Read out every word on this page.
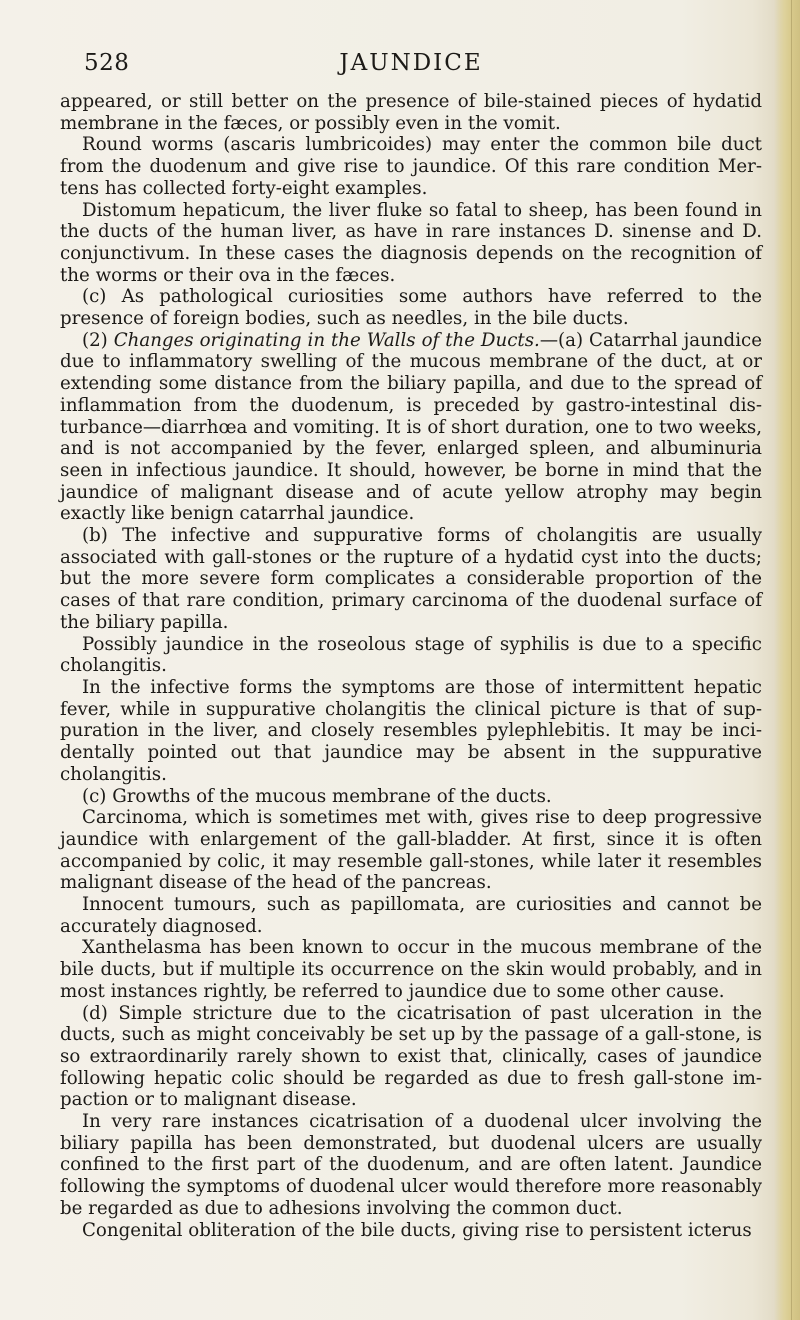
528	JAUNDICE

appeared, or still better on the presence of bile-stained pieces of hydatid membrane in the fæces, or possibly even in the vomit.

Round worms (ascaris lumbricoides) may enter the common bile duct from the duodenum and give rise to jaundice. Of this rare condition Mer-tens has collected forty-eight examples.

Distomum hepaticum, the liver fluke so fatal to sheep, has been found in the ducts of the human liver, as have in rare instances D. sinense and D. conjunctivum. In these cases the diagnosis depends on the recognition of the worms or their ova in the fæces.

(c) As pathological curiosities some authors have referred to the presence of foreign bodies, such as needles, in the bile ducts.

(2) Changes originating in the Walls of the Ducts.—(a) Catarrhal jaundice due to inflammatory swelling of the mucous membrane of the duct, at or extending some distance from the biliary papilla, and due to the spread of inflammation from the duodenum, is preceded by gastro-intestinal dis-turbance—diarrhœa and vomiting. It is of short duration, one to two weeks, and is not accompanied by the fever, enlarged spleen, and albuminuria seen in infectious jaundice. It should, however, be borne in mind that the jaundice of malignant disease and of acute yellow atrophy may begin exactly like benign catarrhal jaundice.

(b) The infective and suppurative forms of cholangitis are usually associated with gall-stones or the rupture of a hydatid cyst into the ducts; but the more severe form complicates a considerable proportion of the cases of that rare condition, primary carcinoma of the duodenal surface of the biliary papilla.

Possibly jaundice in the roseolous stage of syphilis is due to a specific cholangitis.

In the infective forms the symptoms are those of intermittent hepatic fever, while in suppurative cholangitis the clinical picture is that of sup-puration in the liver, and closely resembles pylephlebitis. It may be inci-dentally pointed out that jaundice may be absent in the suppurative cholangitis.

(c) Growths of the mucous membrane of the ducts.

Carcinoma, which is sometimes met with, gives rise to deep progressive jaundice with enlargement of the gall-bladder. At first, since it is often accompanied by colic, it may resemble gall-stones, while later it resembles malignant disease of the head of the pancreas.

Innocent tumours, such as papillomata, are curiosities and cannot be accurately diagnosed.

Xanthelasma has been known to occur in the mucous membrane of the bile ducts, but if multiple its occurrence on the skin would probably, and in most instances rightly, be referred to jaundice due to some other cause.

(d) Simple stricture due to the cicatrisation of past ulceration in the ducts, such as might conceivably be set up by the passage of a gall-stone, is so extraordinarily rarely shown to exist that, clinically, cases of jaundice following hepatic colic should be regarded as due to fresh gall-stone im-paction or to malignant disease.

In very rare instances cicatrisation of a duodenal ulcer involving the biliary papilla has been demonstrated, but duodenal ulcers are usually confined to the first part of the duodenum, and are often latent. Jaundice following the symptoms of duodenal ulcer would therefore more reasonably be regarded as due to adhesions involving the common duct.

Congenital obliteration of the bile ducts, giving rise to persistent icterus
